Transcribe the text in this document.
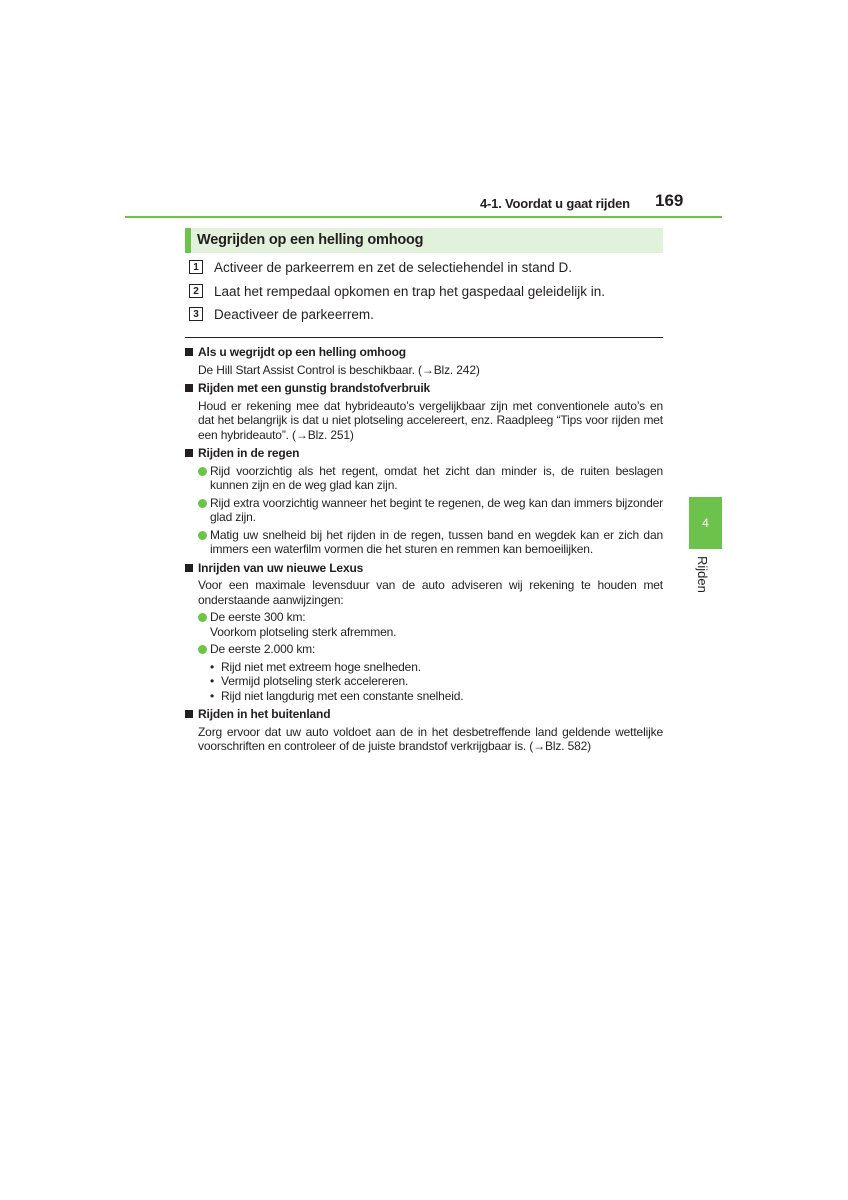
4-1. Voordat u gaat rijden 169
4
Rijden
Wegrijden op een helling omhoog
1	Activeer de parkeerrem en zet de selectiehendel in stand D.
2	Laat het rempedaal opkomen en trap het gaspedaal geleidelijk in.
3	Deactiveer de parkeerrem.
Als u wegrijdt op een helling omhoog
De Hill Start Assist Control is beschikbaar. (→Blz. 242)
Rijden met een gunstig brandstofverbruik
Houd er rekening mee dat hybrideauto’s vergelijkbaar zijn met conventionele auto’s en dat het belangrijk is dat u niet plotseling accelereert, enz. Raadpleeg “Tips voor rijden met een hybrideauto”. (→Blz. 251)
Rijden in de regen
Rijd voorzichtig als het regent, omdat het zicht dan minder is, de ruiten beslagen kunnen zijn en de weg glad kan zijn.
Rijd extra voorzichtig wanneer het begint te regenen, de weg kan dan immers bijzonder glad zijn.
Matig uw snelheid bij het rijden in de regen, tussen band en wegdek kan er zich dan immers een waterfilm vormen die het sturen en remmen kan bemoeilijken.
Inrijden van uw nieuwe Lexus
Voor een maximale levensduur van de auto adviseren wij rekening te houden met onderstaande aanwijzingen:
De eerste 300 km:
Voorkom plotseling sterk afremmen.
De eerste 2.000 km:
• Rijd niet met extreem hoge snelheden.
• Vermijd plotseling sterk accelereren.
• Rijd niet langdurig met een constante snelheid.
Rijden in het buitenland
Zorg ervoor dat uw auto voldoet aan de in het desbetreffende land geldende wettelijke voorschriften en controleer of de juiste brandstof verkrijgbaar is. (→Blz. 582)
